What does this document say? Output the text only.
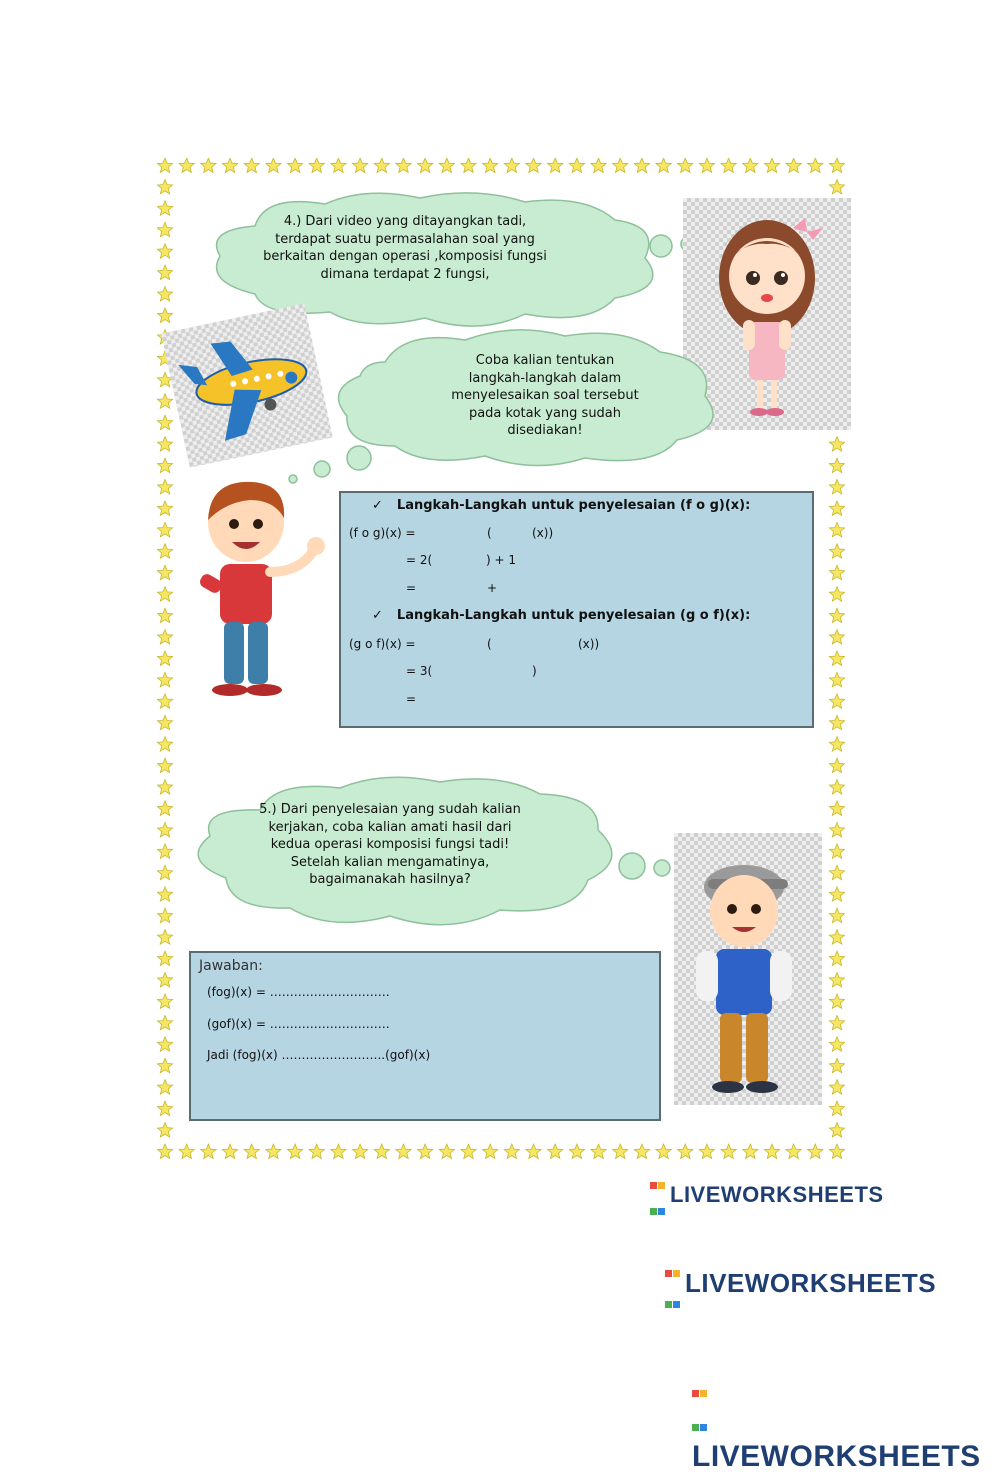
4.) Dari video yang ditayangkan tadi,
terdapat suatu permasalahan soal yang
berkaitan dengan operasi ,komposisi fungsi
dimana terdapat 2 fungsi,
Coba kalian tentukan
langkah-langkah dalam
menyelesaikan soal tersebut
pada kotak yang sudah
disediakan!
✓ Langkah-Langkah untuk penyelesaian (f o g)(x):
(f o g)(x) =	(	(x))
= 2(	) + 1
=	+
✓ Langkah-Langkah untuk penyelesaian (g o f)(x):
(g o f)(x) =	(	(x))
= 3(	)
=
5.) Dari penyelesaian yang sudah kalian
kerjakan, coba kalian amati hasil dari
kedua operasi komposisi fungsi tadi!
Setelah kalian mengamatinya,
bagaimanakah hasilnya?
Jawaban:
(fog)(x) = …………………………
(gof)(x) = …………………………
Jadi (fog)(x) ……………………..(gof)(x)
LIVEWORKSHEETS
LIVEWORKSHEETS
LIVEWORKSHEETS
